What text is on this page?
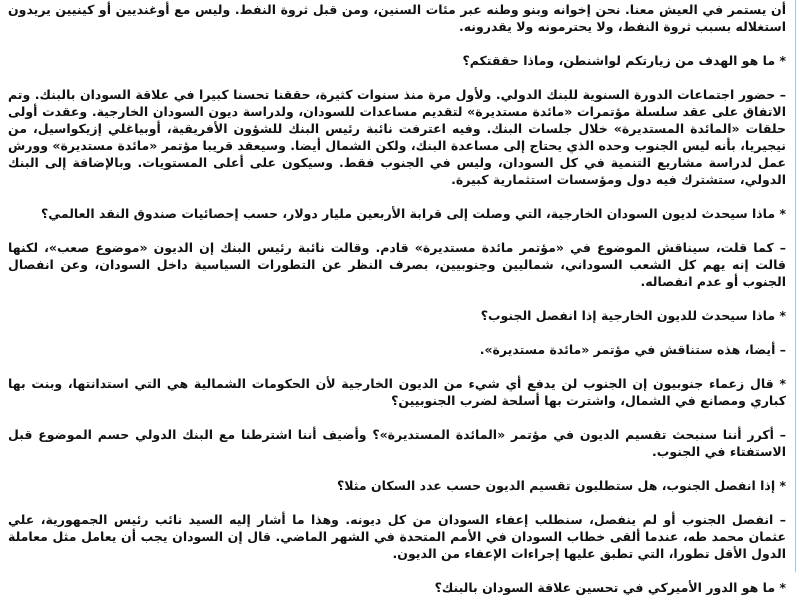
أن يستمر في العيش معنا. نحن إخوانه وبنو وطنه عبر مئات السنين، ومن قبل ثروة النفط. وليس مع أوغنديين أو كينيين يريدون استغلاله بسبب ثروة النفط، ولا يحترمونه ولا يقدرونه.

* ما هو الهدف من زيارتكم لواشنطن، وماذا حققتكم؟

– حضور اجتماعات الدورة السنوية للبنك الدولي. ولأول مرة منذ سنوات كثيرة، حققنا تحسنا كبيرا في علاقة السودان بالبنك. وتم الاتفاق على عقد سلسلة مؤتمرات «مائدة مستديرة» لتقديم مساعدات للسودان، ولدراسة ديون السودان الخارجية. وعقدت أولى حلقات «المائدة المستديرة» خلال جلسات البنك. وفيه اعترفت نائبة رئيس البنك للشؤون الأفريقية، أوبياغلي إزيكواسيل، من نيجيريا، بأنه ليس الجنوب وحده الذي يحتاج إلى مساعدة البنك، ولكن الشمال أيضا. وسيعقد قريبا مؤتمر «مائدة مستديرة» وورش عمل لدراسة مشاريع التنمية في كل السودان، وليس في الجنوب فقط. وسيكون على أعلى المستويات. وبالإضافة إلى البنك الدولي، ستشترك فيه دول ومؤسسات استثمارية كبيرة.

* ماذا سيحدث لديون السودان الخارجية، التي وصلت إلى قرابة الأربعين مليار دولار، حسب إحصائيات صندوق النقد العالمي؟

– كما قلت، سيناقش الموضوع في «مؤتمر مائدة مستديرة» قادم. وقالت نائبة رئيس البنك إن الديون «موضوع صعب»، لكنها قالت إنه يهم كل الشعب السوداني، شماليين وجنوبيين، بصرف النظر عن التطورات السياسية داخل السودان، وعن انفصال الجنوب أو عدم انفصاله.

* ماذا سيحدث للديون الخارجية إذا انفصل الجنوب؟

– أيضا، هذه ستناقش في مؤتمر «مائدة مستديرة».

* قال زعماء جنوبيون إن الجنوب لن يدفع أي شيء من الديون الخارجية لأن الحكومات الشمالية هي التي استدانتها، وبنت بها كباري ومصانع في الشمال، واشترت بها أسلحة لضرب الجنوبيين؟

– أكرر أننا سنبحث تقسيم الديون في مؤتمر «المائدة المستديرة»؟ وأضيف أننا اشترطنا مع البنك الدولي حسم الموضوع قبل الاستفتاء في الجنوب.

* إذا انفصل الجنوب، هل ستطلبون تقسيم الديون حسب عدد السكان مثلا؟

– انفصل الجنوب أو لم ينفصل، سنطلب إعفاء السودان من كل ديونه. وهذا ما أشار إليه السيد نائب رئيس الجمهورية، علي عثمان محمد طه، عندما ألقى خطاب السودان في الأمم المتحدة في الشهر الماضي. قال إن السودان يجب أن يعامل مثل معاملة الدول الأقل تطورا، التي تطبق عليها إجراءات الإعفاء من الديون.

* ما هو الدور الأميركي في تحسين علاقة السودان بالبنك؟
